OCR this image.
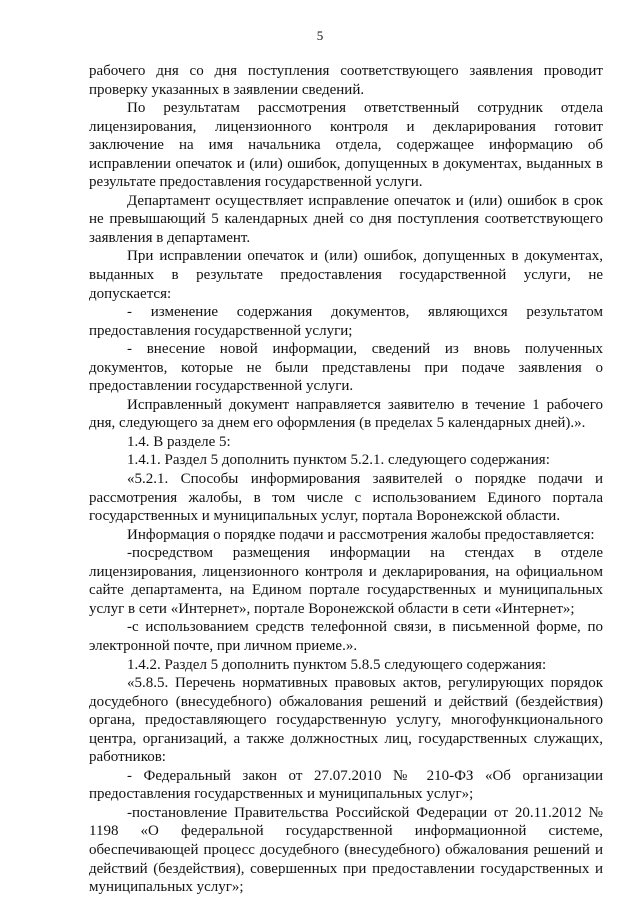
5

рабочего дня со дня поступления соответствующего заявления проводит проверку указанных в заявлении сведений.

По результатам рассмотрения ответственный сотрудник отдела лицензирования, лицензионного контроля и декларирования готовит заключение на имя начальника отдела, содержащее информацию об исправлении опечаток и (или) ошибок, допущенных в документах, выданных в результате предоставления государственной услуги.

Департамент осуществляет исправление опечаток и (или) ошибок в срок не превышающий 5 календарных дней со дня поступления соответствующего заявления в департамент.

При исправлении опечаток и (или) ошибок, допущенных в документах, выданных в результате предоставления государственной услуги, не допускается:

- изменение содержания документов, являющихся результатом предоставления государственной услуги;

- внесение новой информации, сведений из вновь полученных документов, которые не были представлены при подаче заявления о предоставлении государственной услуги.

Исправленный документ направляется заявителю в течение 1 рабочего дня, следующего за днем его оформления (в пределах 5 календарных дней).».

1.4. В разделе 5:

1.4.1. Раздел 5 дополнить пунктом 5.2.1. следующего содержания:

«5.2.1. Способы информирования заявителей о порядке подачи и рассмотрения жалобы, в том числе с использованием Единого портала государственных и муниципальных услуг, портала Воронежской области.

Информация о порядке подачи и рассмотрения жалобы предоставляется:

-посредством размещения информации на стендах в отделе лицензирования, лицензионного контроля и декларирования, на официальном сайте департамента, на Едином портале государственных и муниципальных услуг в сети «Интернет», портале Воронежской области в сети «Интернет»;

-с использованием средств телефонной связи, в письменной форме, по электронной почте, при личном приеме.».

1.4.2. Раздел 5 дополнить пунктом 5.8.5 следующего содержания:

«5.8.5. Перечень нормативных правовых актов, регулирующих порядок досудебного (внесудебного) обжалования решений и действий (бездействия) органа, предоставляющего государственную услугу, многофункционального центра, организаций, а также должностных лиц, государственных служащих, работников:

- Федеральный закон от 27.07.2010 № 210-ФЗ «Об организации предоставления государственных и муниципальных услуг»;

-постановление Правительства Российской Федерации от 20.11.2012 № 1198 «О федеральной государственной информационной системе, обеспечивающей процесс досудебного (внесудебного) обжалования решений и действий (бездействия), совершенных при предоставлении государственных и муниципальных услуг»;
